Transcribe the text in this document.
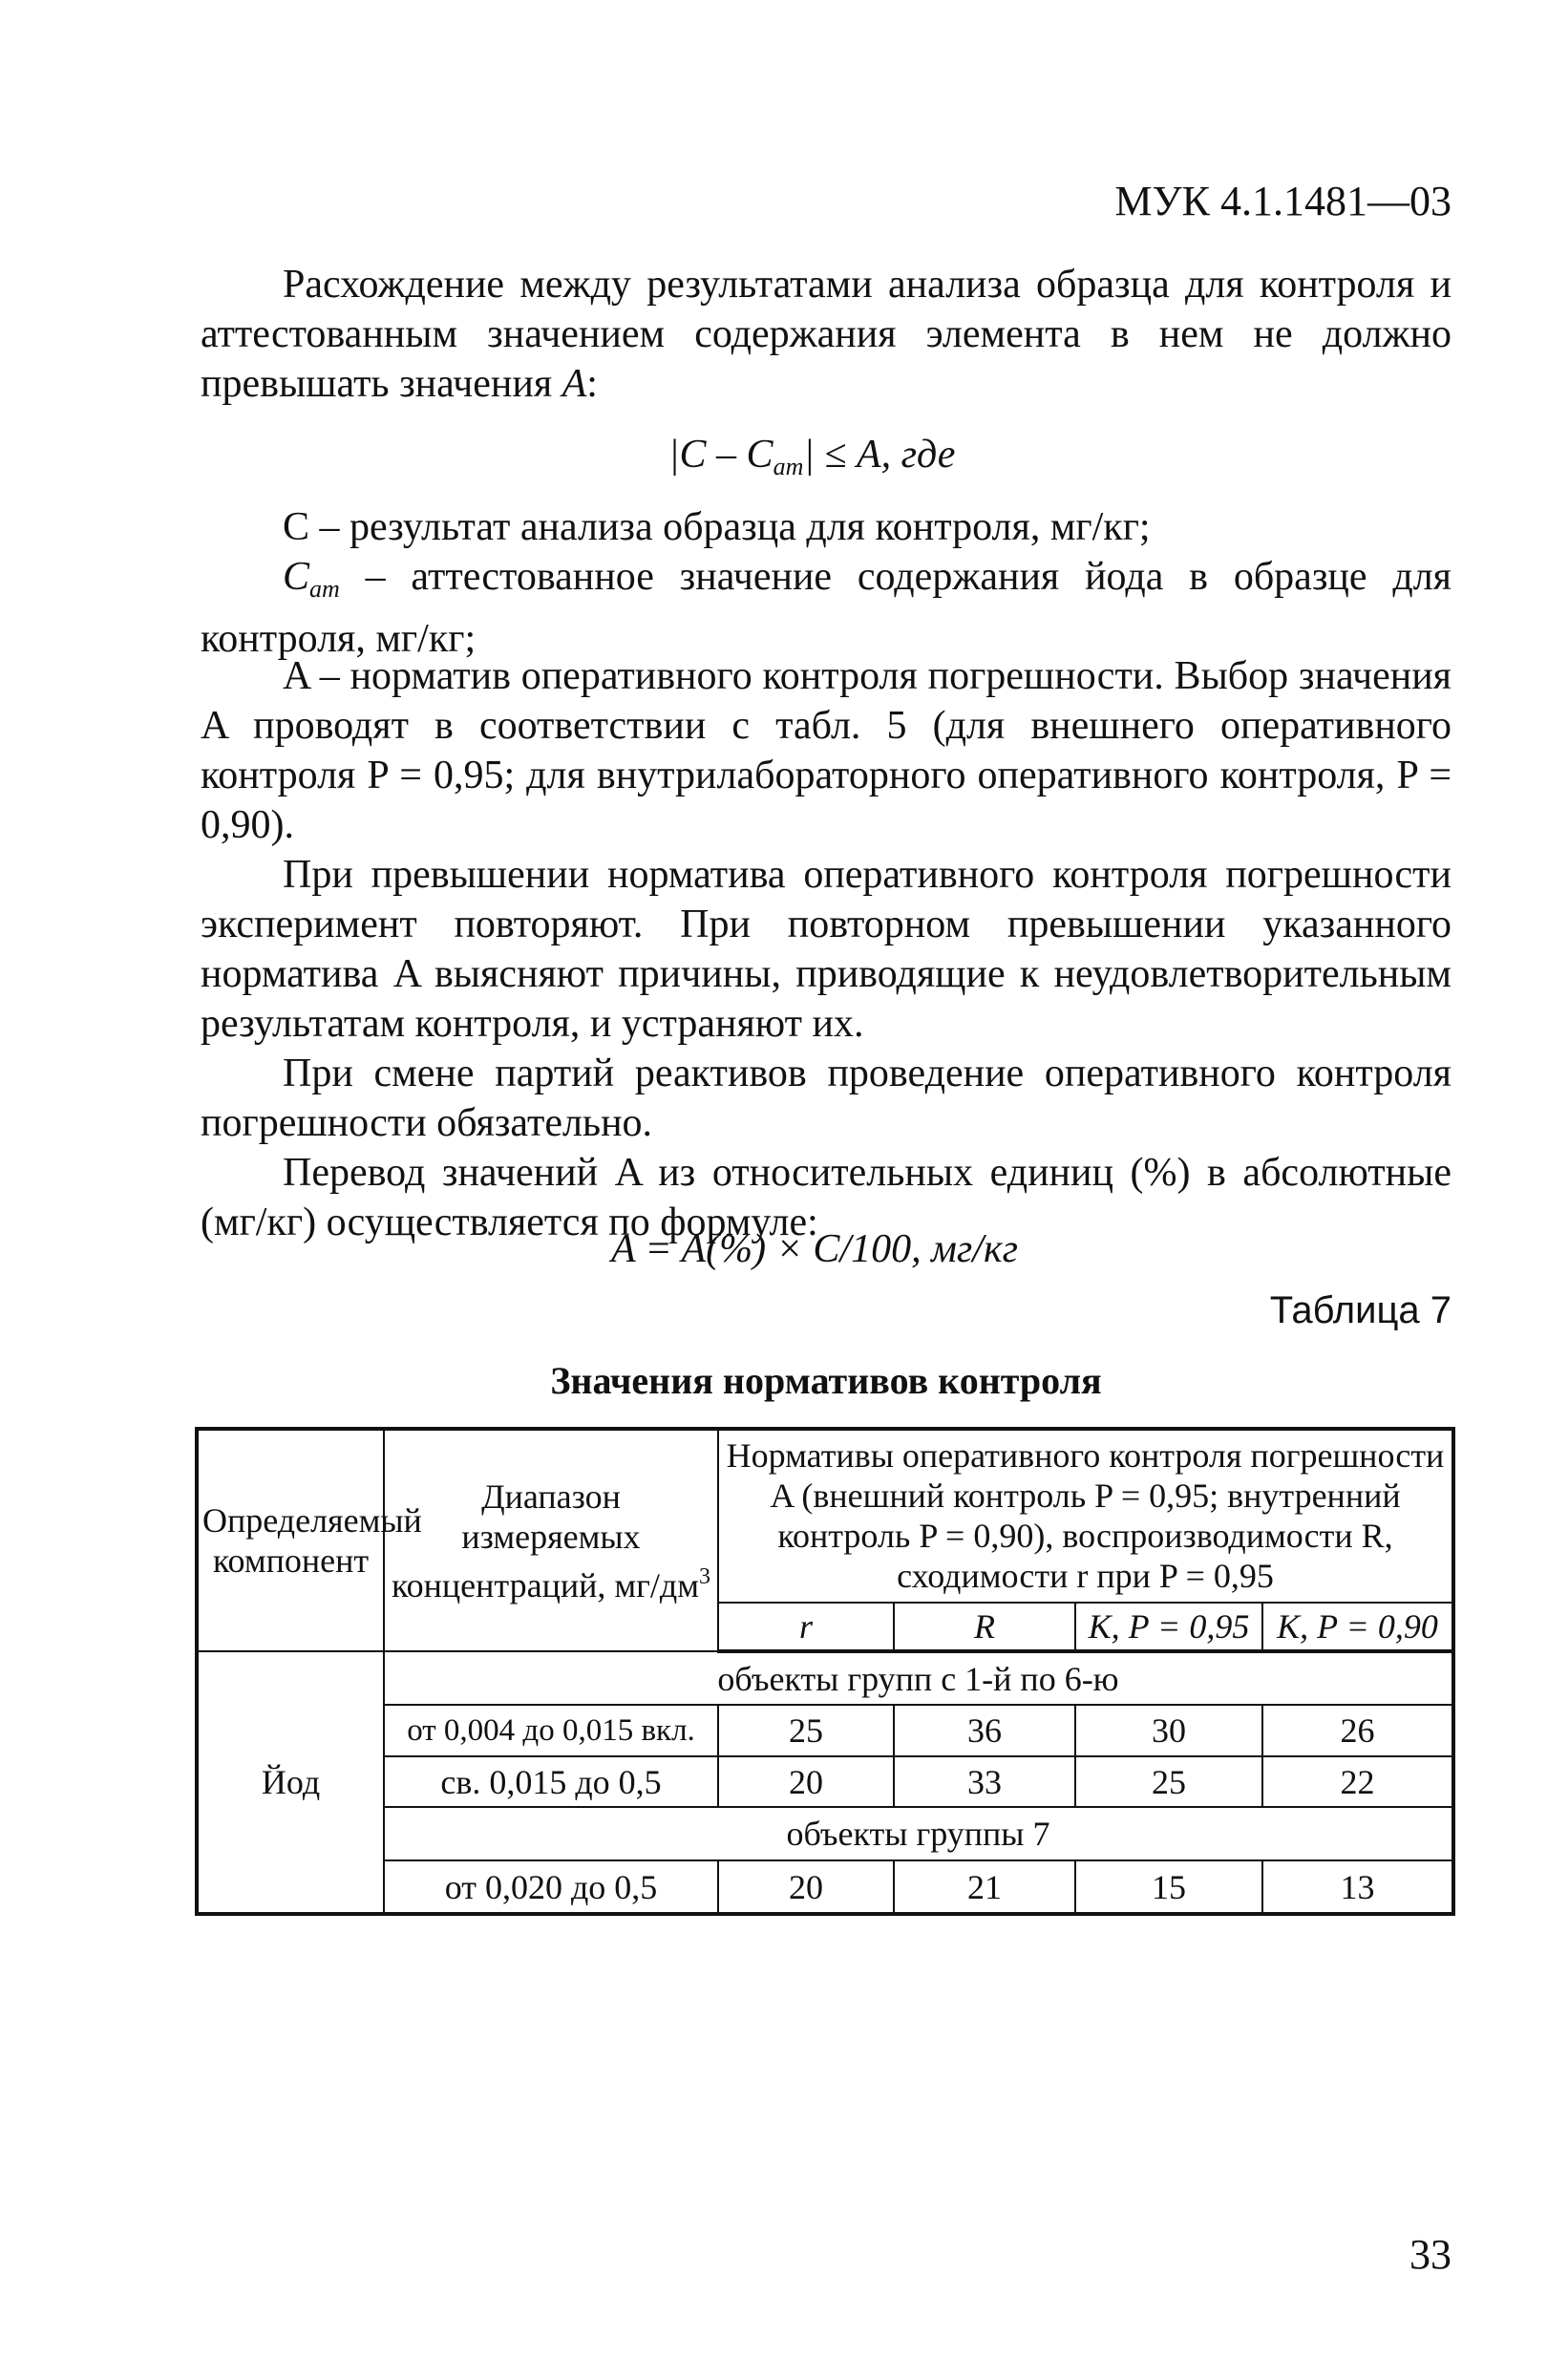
МУК 4.1.1481—03

Расхождение между результатами анализа образца для контроля и аттестованным значением содержания элемента в нем не должно превышать значения A:

$|C - C_{ат}| \le A$, где

C – результат анализа образца для контроля, мг/кг;

$C_{ат}$ – аттестованное значение содержания йода в образце для контроля, мг/кг;

A – норматив оперативного контроля погрешности. Выбор значения A проводят в соответствии с табл. 5 (для внешнего оперативного контроля P = 0,95; для внутрилабораторного оперативного контроля, P = 0,90).

При превышении норматива оперативного контроля погрешности эксперимент повторяют. При повторном превышении указанного норматива A выясняют причины, приводящие к неудовлетворительным результатам контроля, и устраняют их.

При смене партий реактивов проведение оперативного контроля погрешности обязательно.

Перевод значений A из относительных единиц (%) в абсолютные (мг/кг) осуществляется по формуле:

A = A(%) × C/100, мг/кг
Таблица 7
Значения нормативов контроля
Определяемый компонент	Диапазон измеряемых концентраций, $мг/дм^3$	Нормативы оперативного контроля погрешности A (внешний контроль P = 0,95; внутренний контроль P = 0,90), воспроизводимости R, сходимости r при P = 0,95			
		r	R	K, P = 0,95	K, P = 0,90
Йод	объекты групп с 1-й по 6-ю				
	от 0,004 до 0,015 вкл.	25	36	30	26
	св. 0,015 до 0,5	20	33	25	22
	объекты группы 7				
	от 0,020 до 0,5	20	21	15	13
33
